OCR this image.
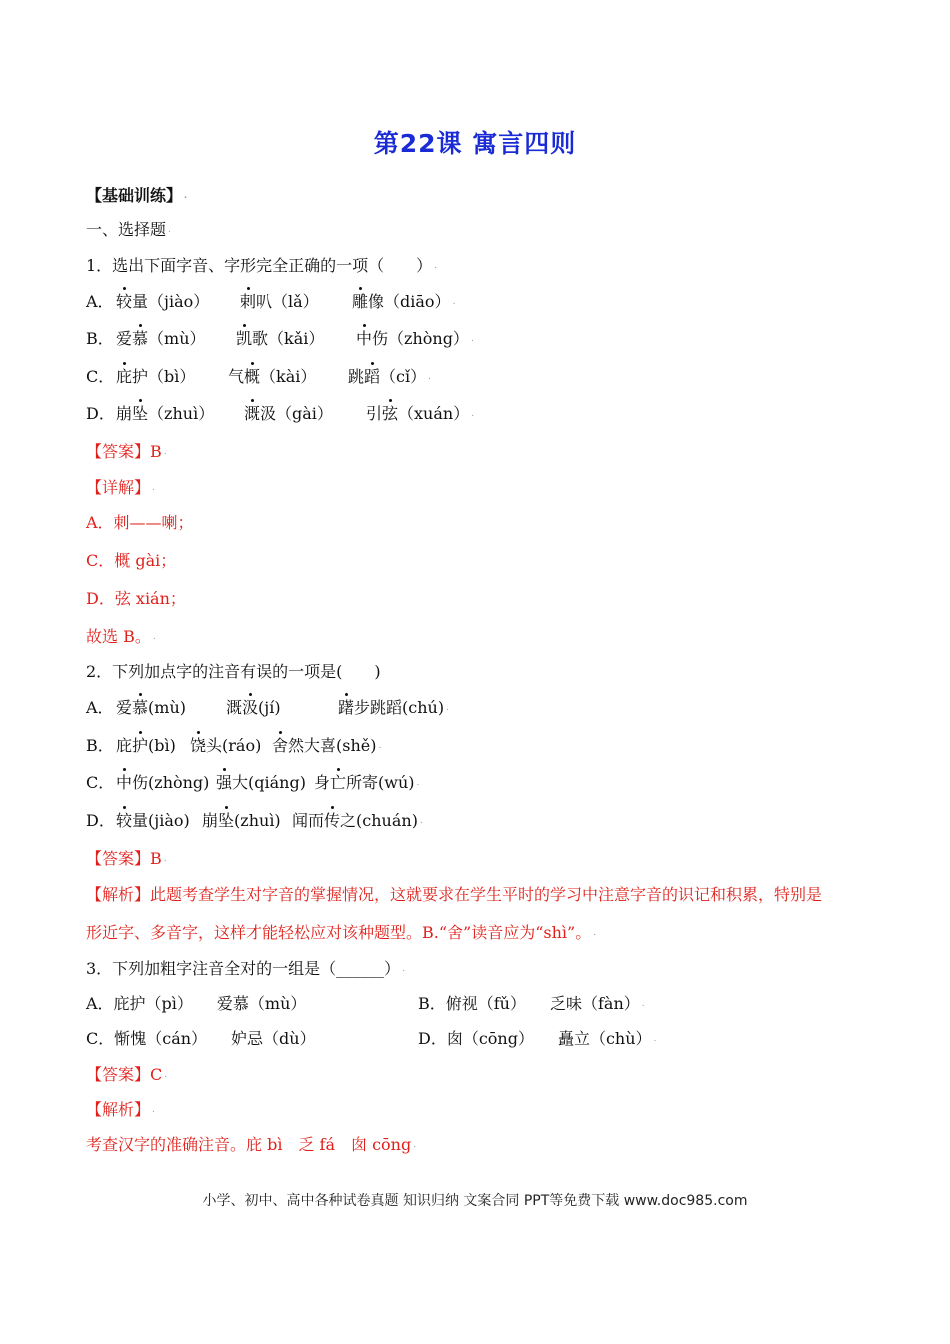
第22课 寓言四则
【基础训练】 .
一、选择题 .
1．选出下面字音、字形完全正确的一项（　　） .
A． 较量（jiào） 剌叭（lǎ） 雕像（diāo） .
B． 爱慕（mù） 凯歌（kǎi） 中伤（zhòng） .
C． 庇护（bì） 气概（kài） 跳蹈（cǐ） .
D．崩坠（zhuì） 溉汲（gài） 引弦（xuán） .
【答案】B .
【详解】 .
A．刺——喇；
C．概 gài；
D．弦 xián；
故选 B。 .
2．下列加点字的注音有误的一项是(　　)
A． 爱慕(mù)	溉汲(jí)	躇步跳蹈(chú) .
B． 庇护(bì) 饶头(ráo) 舍然大喜(shě) .
C． 中伤(zhòng) 强大(qiáng) 身亡所寄(wú) .
D．较量(jiào) 崩坠(zhuì) 闻而传之(chuán) .
【答案】B .
【解析】此题考查学生对字音的掌握情况，这就要求在学生平时的学习中注意字音的识记和积累，特别是
形近字、多音字，这样才能轻松应对该种题型。B.“舍”读音应为“shì”。 .
3．下列加粗字注音全对的一组是（______） .
A．庇护（pì）　　爱慕（mù）	B．俯视（fǔ）　　乏味（fàn） .
C．惭愧（cán）　　妒忌（dù）	D．囱（cōng）　　矗立（chù） .
【答案】C .
【解析】 .
考查汉字的准确注音。庇 bì　乏 fá　囱 cōng .
小学、初中、高中各种试卷真题 知识归纳 文案合同 PPT等免费下载 www.doc985.com
